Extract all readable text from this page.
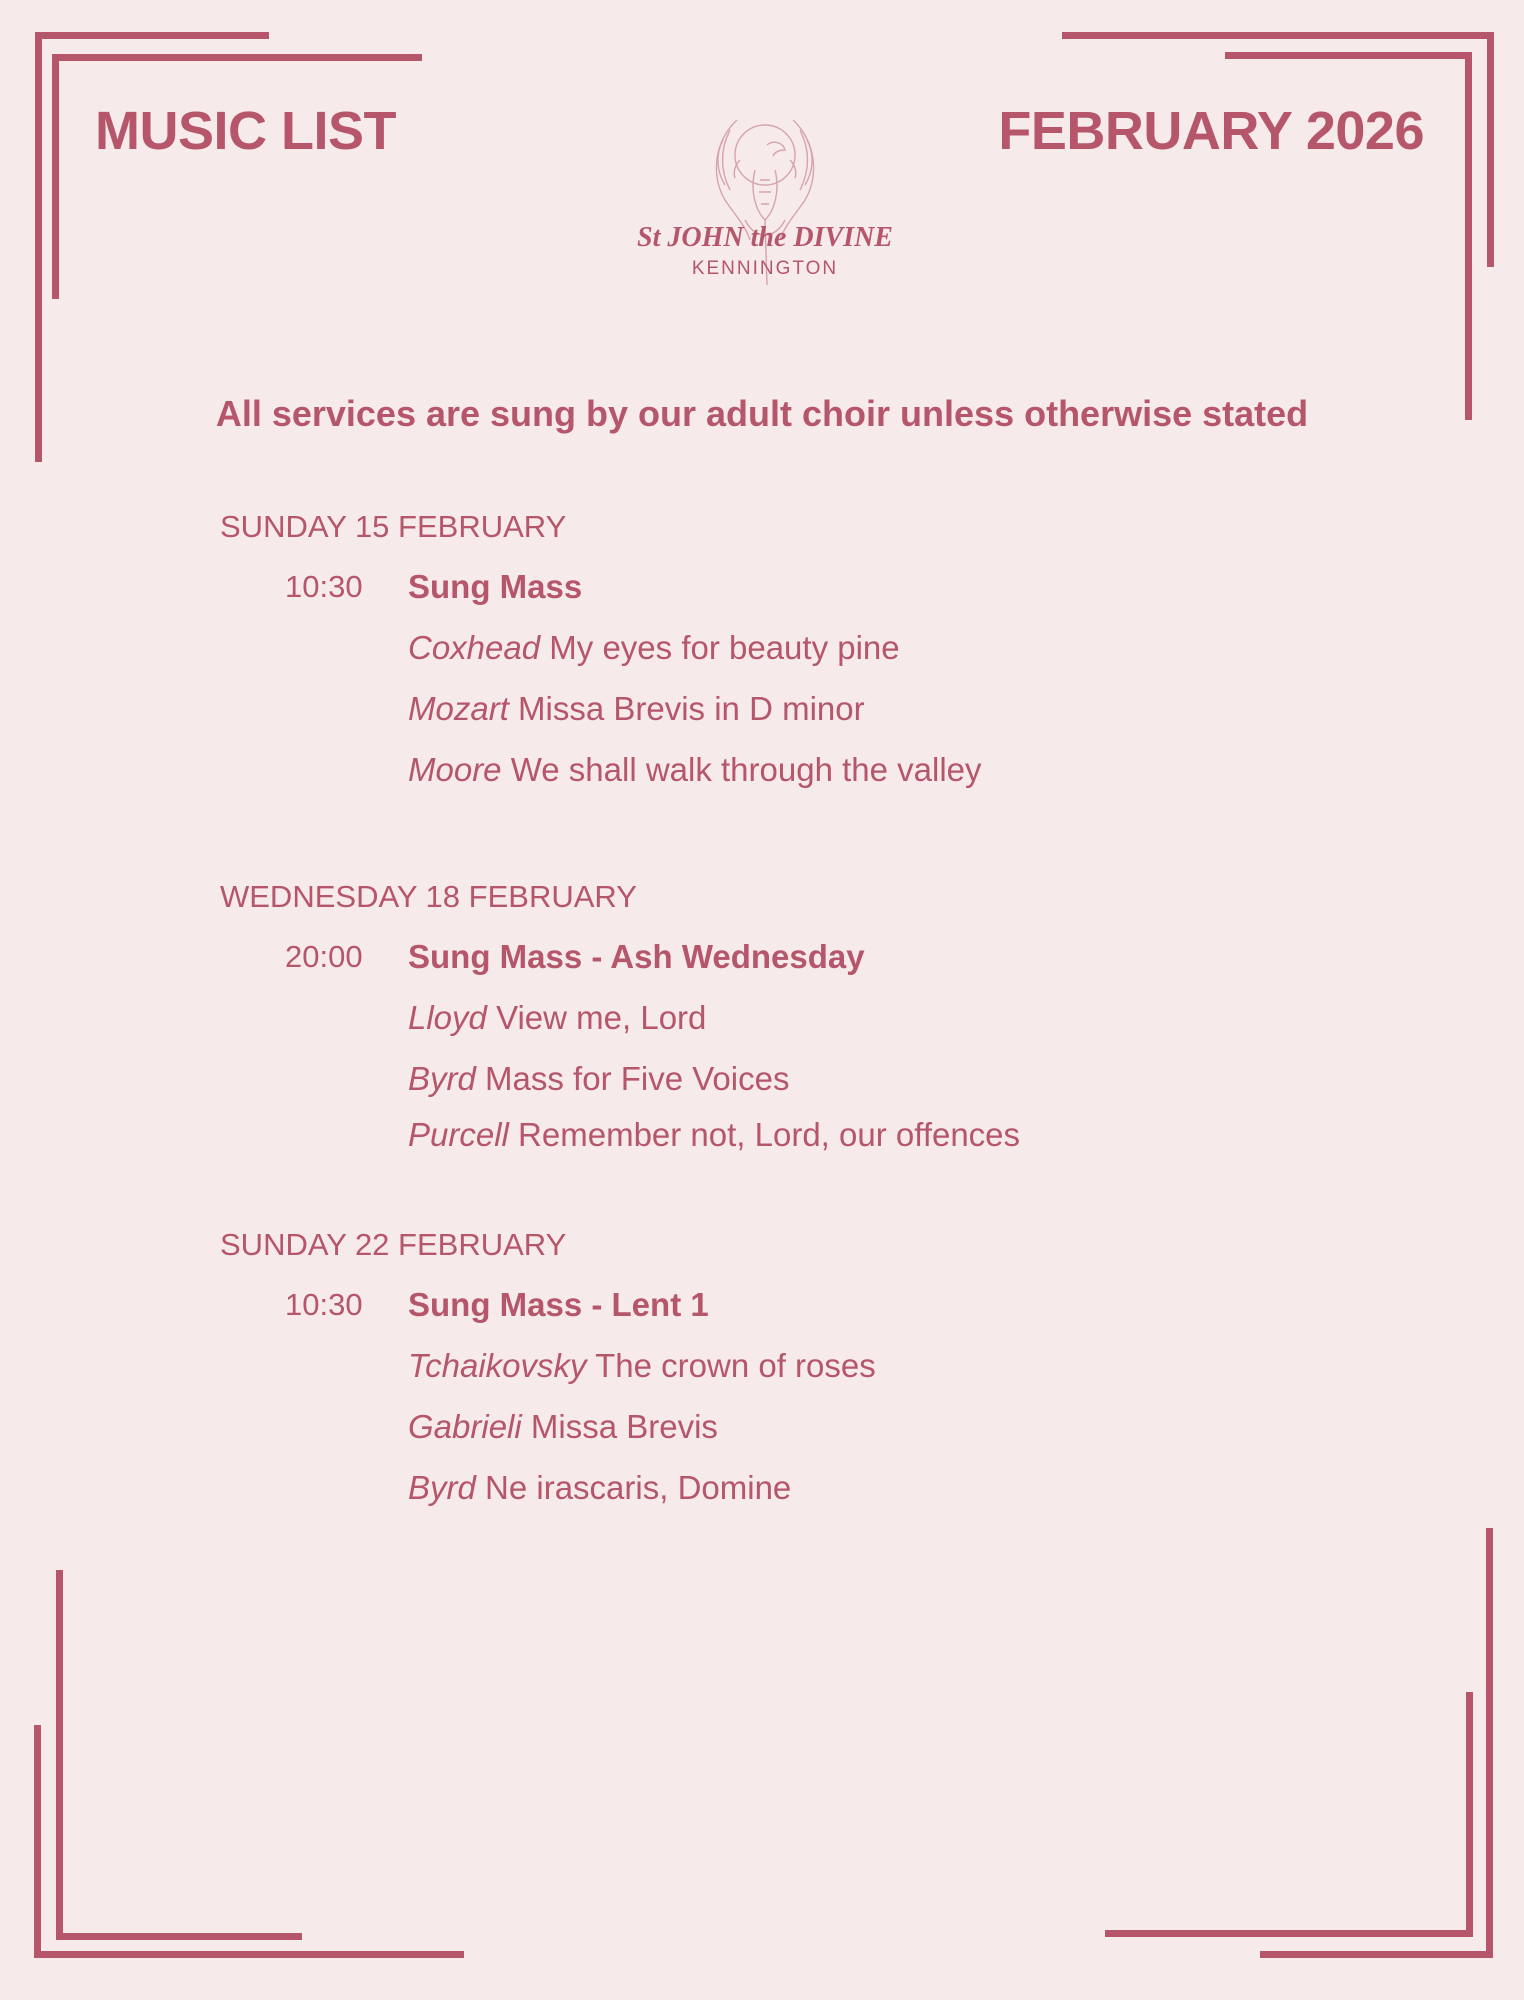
MUSIC LIST	FEBRUARY 2026
St JOHN the DIVINE
KENNINGTON
All services are sung by our adult choir unless otherwise stated
SUNDAY 15 FEBRUARY
10:30 Sung Mass
Coxhead My eyes for beauty pine
Mozart Missa Brevis in D minor
Moore We shall walk through the valley
WEDNESDAY 18 FEBRUARY
20:00 Sung Mass - Ash Wednesday
Lloyd View me, Lord
Byrd Mass for Five Voices
Purcell Remember not, Lord, our offences
SUNDAY 22 FEBRUARY
10:30 Sung Mass - Lent 1
Tchaikovsky The crown of roses
Gabrieli Missa Brevis
Byrd Ne irascaris, Domine
